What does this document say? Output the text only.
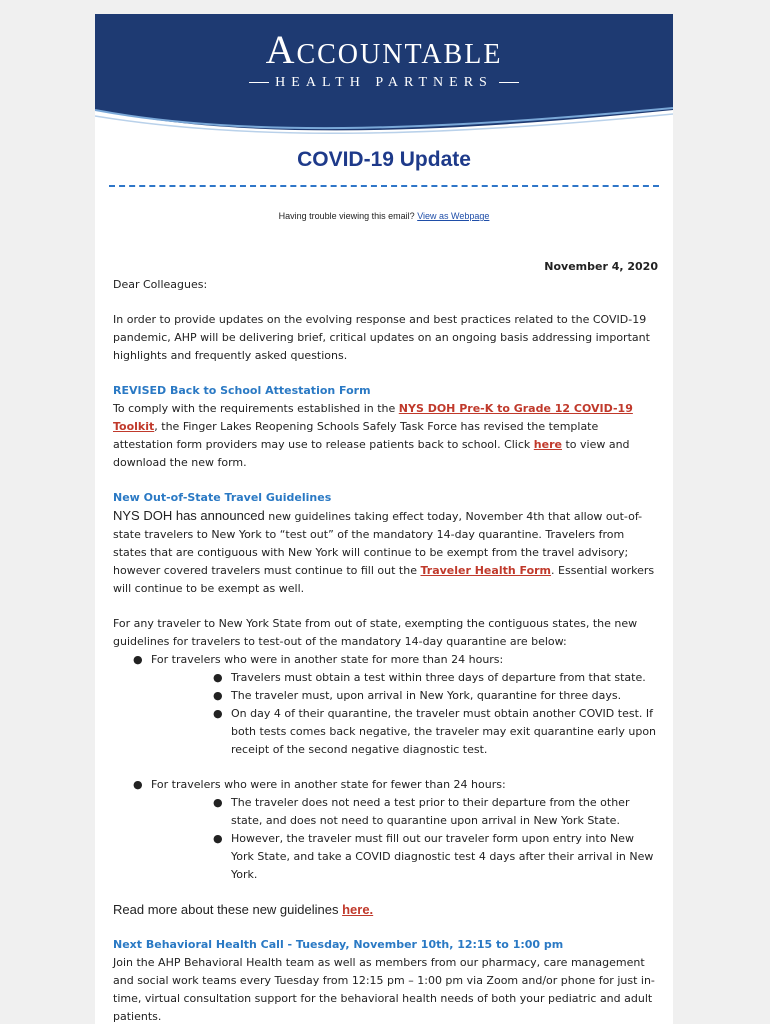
Accountable
HEALTH PARTNERS
COVID-19 Update
Having trouble viewing this email? View as Webpage

November 4, 2020

Dear Colleagues:

In order to provide updates on the evolving response and best practices related to the COVID-19 pandemic, AHP will be delivering brief, critical updates on an ongoing basis addressing important highlights and frequently asked questions.

REVISED Back to School Attestation Form

To comply with the requirements established in the NYS DOH Pre-K to Grade 12 COVID-19 Toolkit, the Finger Lakes Reopening Schools Safely Task Force has revised the template attestation form providers may use to release patients back to school. Click here to view and download the new form.

New Out-of-State Travel Guidelines

NYS DOH has announced new guidelines taking effect today, November 4th that allow out-of-state travelers to New York to “test out” of the mandatory 14-day quarantine. Travelers from states that are contiguous with New York will continue to be exempt from the travel advisory; however covered travelers must continue to fill out the Traveler Health Form. Essential workers will continue to be exempt as well.

For any traveler to New York State from out of state, exempting the contiguous states, the new guidelines for travelers to test-out of the mandatory 14-day quarantine are below:

● For travelers who were in another state for more than 24 hours:
● Travelers must obtain a test within three days of departure from that state.
● The traveler must, upon arrival in New York, quarantine for three days.
● On day 4 of their quarantine, the traveler must obtain another COVID test. If both tests comes back negative, the traveler may exit quarantine early upon receipt of the second negative diagnostic test.
● For travelers who were in another state for fewer than 24 hours:
● The traveler does not need a test prior to their departure from the other state, and does not need to quarantine upon arrival in New York State.
● However, the traveler must fill out our traveler form upon entry into New York State, and take a COVID diagnostic test 4 days after their arrival in New York.

Read more about these new guidelines here.

Next Behavioral Health Call - Tuesday, November 10th, 12:15 to 1:00 pm

Join the AHP Behavioral Health team as well as members from our pharmacy, care management and social work teams every Tuesday from 12:15 pm – 1:00 pm via Zoom and/or phone for just in-time, virtual consultation support for the behavioral health needs of both your pediatric and adult patients.
